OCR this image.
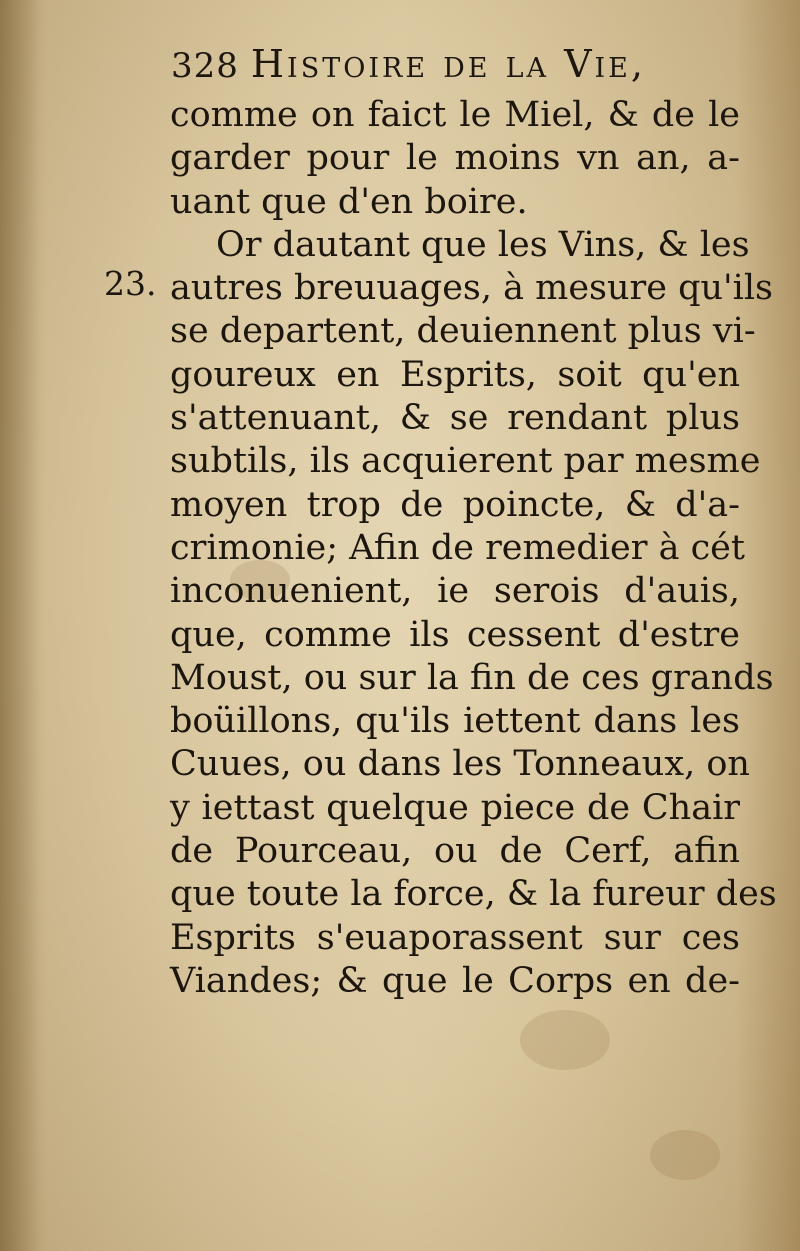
328 Histoire de la Vie,
23.
comme on faict le Miel, & de le
garder pour le moins vn an, a-
uant que d'en boire.
Or dautant que les Vins, & les
autres breuuages, à mesure qu'ils
se departent, deuiennent plus vi-
goureux en Esprits, soit qu'en
s'attenuant, & se rendant plus
subtils, ils acquierent par mesme
moyen trop de poincte, & d'a-
crimonie; Afin de remedier à cét
inconuenient, ie serois d'auis,
que, comme ils cessent d'estre
Moust, ou sur la fin de ces grands
boüillons, qu'ils iettent dans les
Cuues, ou dans les Tonneaux, on
y iettast quelque piece de Chair
de Pourceau, ou de Cerf, afin
que toute la force, & la fureur des
Esprits s'euaporassent sur ces
Viandes; & que le Corps en de-
